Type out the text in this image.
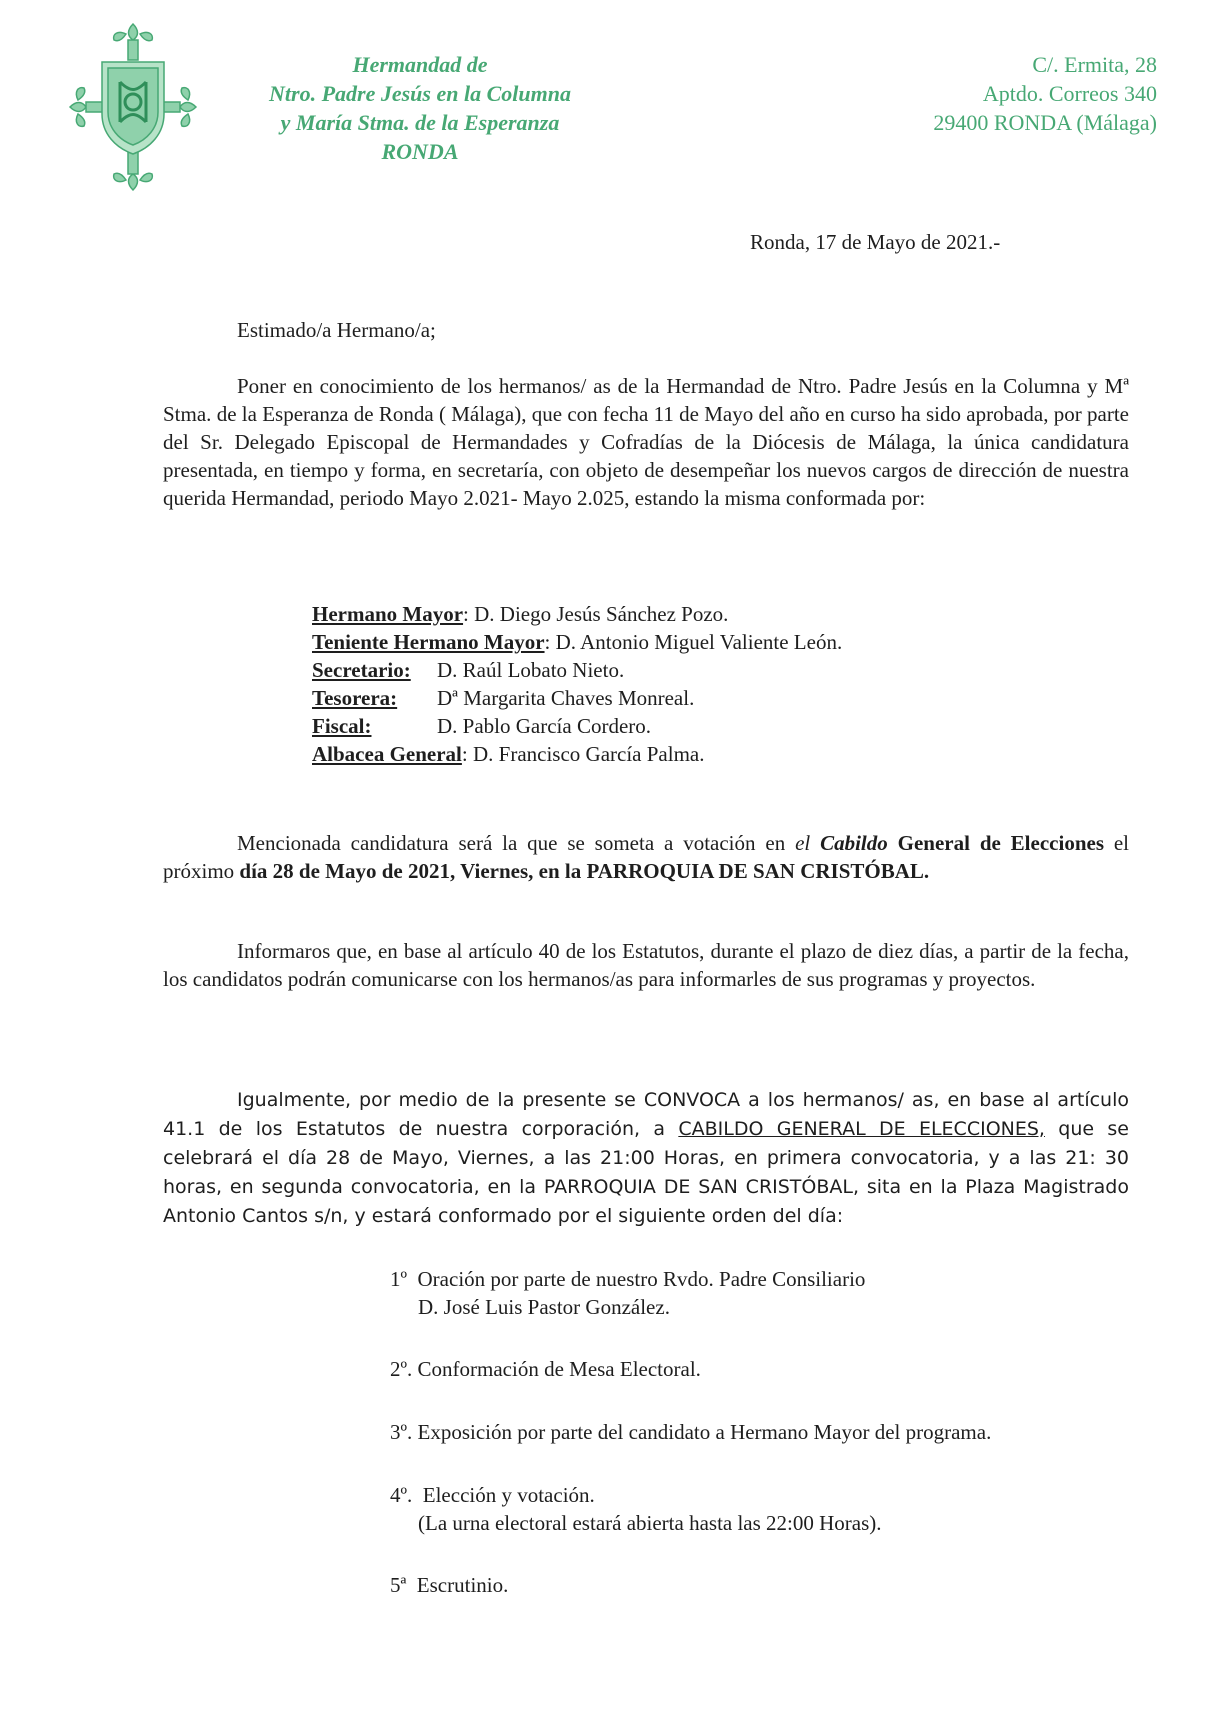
Hermandad de
Ntro. Padre Jesús en la Columna
y María Stma. de la Esperanza
RONDA
C/. Ermita, 28
Aptdo. Correos 340
29400 RONDA (Málaga)
Ronda, 17 de Mayo de 2021.-
Estimado/a Hermano/a;
Poner en conocimiento de los hermanos/ as de la Hermandad de Ntro. Padre Jesús en la Columna y Mª Stma. de la Esperanza de Ronda ( Málaga), que con fecha 11 de Mayo del año en curso ha sido aprobada, por parte del Sr. Delegado Episcopal de Hermandades y Cofradías de la Diócesis de Málaga, la única candidatura presentada, en tiempo y forma, en secretaría, con objeto de desempeñar los nuevos cargos de dirección de nuestra querida Hermandad, periodo Mayo 2.021- Mayo 2.025, estando la misma conformada por:
Hermano Mayor: D. Diego Jesús Sánchez Pozo.
Teniente Hermano Mayor: D. Antonio Miguel Valiente León.
Secretario: D. Raúl Lobato Nieto.
Tesorera: Dª Margarita Chaves Monreal.
Fiscal:	D. Pablo García Cordero.
Albacea General: D. Francisco García Palma.
Mencionada candidatura será la que se someta a votación en el Cabildo General de Elecciones el próximo día 28 de Mayo de 2021, Viernes, en la PARROQUIA DE SAN CRISTÓBAL.
Informaros que, en base al artículo 40 de los Estatutos, durante el plazo de diez días, a partir de la fecha, los candidatos podrán comunicarse con los hermanos/as para informarles de sus programas y proyectos.
Igualmente, por medio de la presente se CONVOCA a los hermanos/ as, en base al artículo 41.1 de los Estatutos de nuestra corporación, a CABILDO GENERAL DE ELECCIONES, que se celebrará el día 28 de Mayo, Viernes, a las 21:00 Horas, en primera convocatoria, y a las 21: 30 horas, en segunda convocatoria, en la PARROQUIA DE SAN CRISTÓBAL, sita en la Plaza Magistrado Antonio Cantos s/n, y estará conformado por el siguiente orden del día:
1º Oración por parte de nuestro Rvdo. Padre Consiliario
D. José Luis Pastor González.
2º. Conformación de Mesa Electoral.
3º. Exposición por parte del candidato a Hermano Mayor del programa.
4º. Elección y votación.
(La urna electoral estará abierta hasta las 22:00 Horas).
5ª Escrutinio.
